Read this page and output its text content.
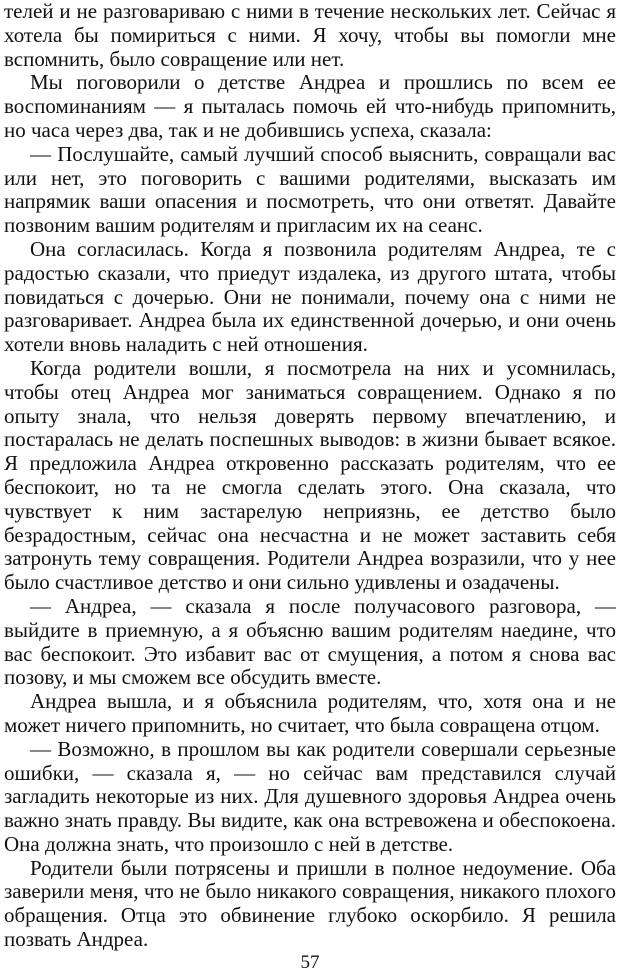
телей и не разговариваю с ними в течение нескольких лет. Сейчас я хотела бы помириться с ними. Я хочу, чтобы вы помогли мне вспомнить, было совращение или нет.

Мы поговорили о детстве Андреа и прошлись по всем ее воспоминаниям — я пыталась помочь ей что-нибудь припомнить, но часа через два, так и не добившись успеха, сказала:

— Послушайте, самый лучший способ выяснить, совращали вас или нет, это поговорить с вашими родителями, высказать им напрямик ваши опасения и посмотреть, что они ответят. Давайте позвоним вашим родителям и пригласим их на сеанс.

Она согласилась. Когда я позвонила родителям Андреа, те с радостью сказали, что приедут издалека, из другого штата, чтобы повидаться с дочерью. Они не понимали, почему она с ними не разговаривает. Андреа была их единственной дочерью, и они очень хотели вновь наладить с ней отношения.

Когда родители вошли, я посмотрела на них и усомнилась, чтобы отец Андреа мог заниматься совращением. Однако я по опыту знала, что нельзя доверять первому впечатлению, и постаралась не делать поспешных выводов: в жизни бывает всякое. Я предложила Андреа откровенно рассказать родителям, что ее беспокоит, но та не смогла сделать этого. Она сказала, что чувствует к ним застарелую неприязнь, ее детство было безрадостным, сейчас она несчастна и не может заставить себя затронуть тему совращения. Родители Андреа возразили, что у нее было счастливое детство и они сильно удивлены и озадачены.

— Андреа, — сказала я после получасового разговора, — выйдите в приемную, а я объясню вашим родителям наедине, что вас беспокоит. Это избавит вас от смущения, а потом я снова вас позову, и мы сможем все обсудить вместе.

Андреа вышла, и я объяснила родителям, что, хотя она и не может ничего припомнить, но считает, что была совращена отцом.

— Возможно, в прошлом вы как родители совершали серьезные ошибки, — сказала я, — но сейчас вам представился случай загладить некоторые из них. Для душевного здоровья Андреа очень важно знать правду. Вы видите, как она встревожена и обеспокоена. Она должна знать, что произошло с ней в детстве.

Родители были потрясены и пришли в полное недоумение. Оба заверили меня, что не было никакого совращения, никакого плохого обращения. Отца это обвинение глубоко оскорбило. Я решила позвать Андреа.

57
